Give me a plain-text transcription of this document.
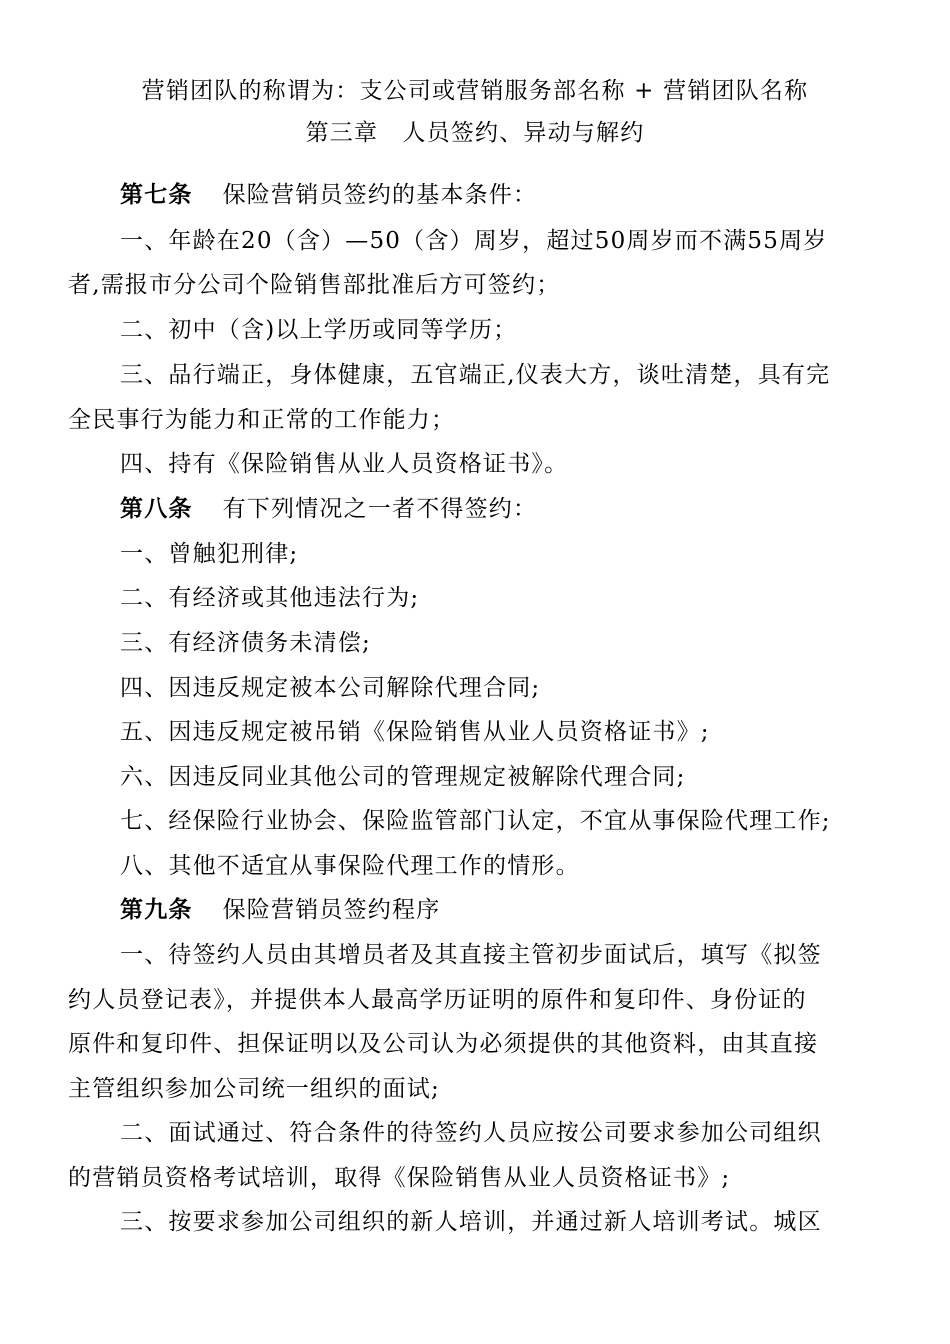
营销团队的称谓为：支公司或营销服务部名称 + 营销团队名称
第三章　人员签约、异动与解约
第七条 保险营销员签约的基本条件：
一、年龄在20（含）—50（含）周岁，超过50周岁而不满55周岁
者,需报市分公司个险销售部批准后方可签约；
二、初中（含)以上学历或同等学历；
三、品行端正，身体健康，五官端正,仪表大方，谈吐清楚，具有完
全民事行为能力和正常的工作能力；
四、持有《保险销售从业人员资格证书》。
第八条 有下列情况之一者不得签约：
一、曾触犯刑律;
二、有经济或其他违法行为;
三、有经济债务未清偿;
四、因违反规定被本公司解除代理合同;
五、因违反规定被吊销《保险销售从业人员资格证书》;
六、因违反同业其他公司的管理规定被解除代理合同;
七、经保险行业协会、保险监管部门认定，不宜从事保险代理工作;
八、其他不适宜从事保险代理工作的情形。
第九条 保险营销员签约程序
一、待签约人员由其增员者及其直接主管初步面试后，填写《拟签
约人员登记表》，并提供本人最高学历证明的原件和复印件、身份证的
原件和复印件、担保证明以及公司认为必须提供的其他资料，由其直接
主管组织参加公司统一组织的面试;
二、面试通过、符合条件的待签约人员应按公司要求参加公司组织
的营销员资格考试培训，取得《保险销售从业人员资格证书》;
三、按要求参加公司组织的新人培训，并通过新人培训考试。城区
